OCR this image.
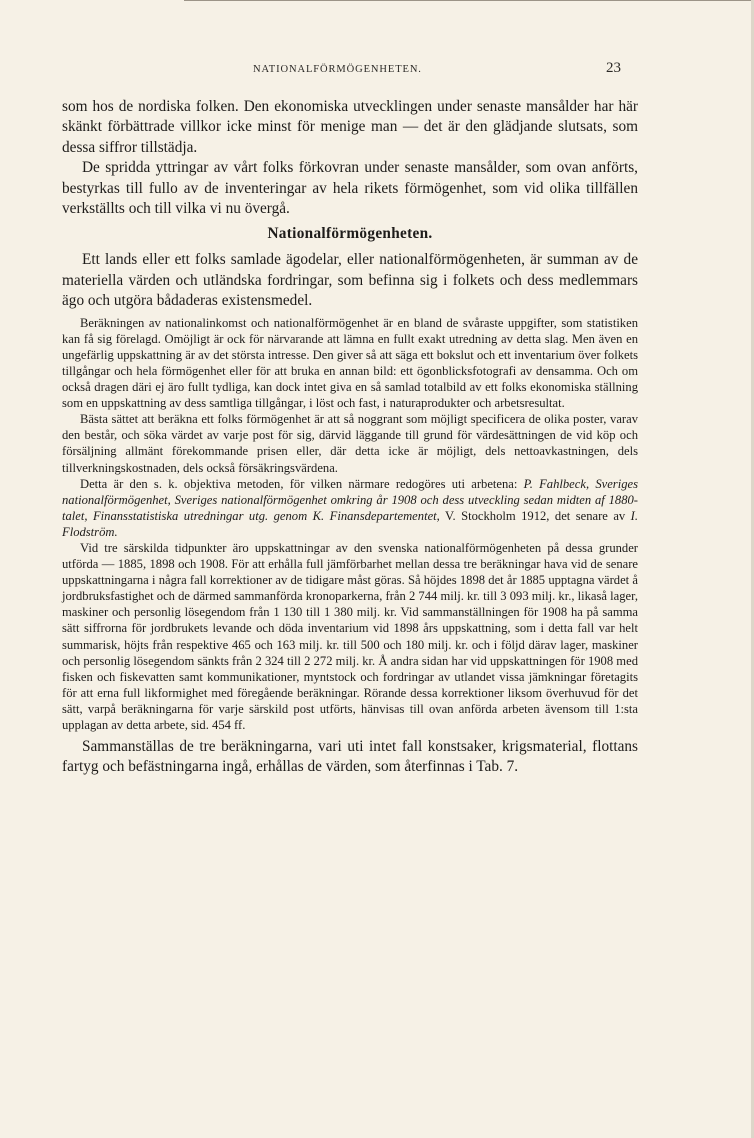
NATIONALFÖRMÖGENHETEN.	23

som hos de nordiska folken. Den ekonomiska utvecklingen under senaste mansålder har här skänkt förbättrade villkor icke minst för menige man — det är den glädjande slutsats, som dessa siffror tillstädja.

De spridda yttringar av vårt folks förkovran under senaste mansålder, som ovan anförts, bestyrkas till fullo av de inventeringar av hela rikets förmögenhet, som vid olika tillfällen verkställts och till vilka vi nu övergå.

Nationalförmögenheten.

Ett lands eller ett folks samlade ägodelar, eller nationalförmögenheten, är summan av de materiella värden och utländska fordringar, som befinna sig i folkets och dess medlemmars ägo och utgöra bådaderas existensmedel.

Beräkningen av nationalinkomst och nationalförmögenhet är en bland de svåraste uppgifter, som statistiken kan få sig förelagd. Omöjligt är ock för närvarande att lämna en fullt exakt utredning av detta slag. Men även en ungefärlig uppskattning är av det största intresse. Den giver så att säga ett bokslut och ett inventarium över folkets tillgångar och hela förmögenhet eller för att bruka en annan bild: ett ögonblicksfotografi av densamma. Och om också dragen däri ej äro fullt tydliga, kan dock intet giva en så samlad totalbild av ett folks ekonomiska ställning som en uppskattning av dess samtliga tillgångar, i löst och fast, i naturaprodukter och arbetsresultat.

Bästa sättet att beräkna ett folks förmögenhet är att så noggrant som möjligt specificera de olika poster, varav den består, och söka värdet av varje post för sig, därvid läggande till grund för värdesättningen de vid köp och försäljning allmänt förekommande prisen eller, där detta icke är möjligt, dels nettoavkastningen, dels tillverkningskostnaden, dels också försäkringsvärdena.

Detta är den s. k. objektiva metoden, för vilken närmare redogöres uti arbetena: P. Fahlbeck, Sveriges nationalförmögenhet, Sveriges nationalförmögenhet omkring år 1908 och dess utveckling sedan midten af 1880-talet, Finansstatistiska utredningar utg. genom K. Finansdepartementet, V. Stockholm 1912, det senare av I. Flodström.

Vid tre särskilda tidpunkter äro uppskattningar av den svenska nationalförmögenheten på dessa grunder utförda — 1885, 1898 och 1908. För att erhålla full jämförbarhet mellan dessa tre beräkningar hava vid de senare uppskattningarna i några fall korrektioner av de tidigare måst göras. Så höjdes 1898 det år 1885 upptagna värdet å jordbruksfastighet och de därmed sammanförda kronoparkerna, från 2 744 milj. kr. till 3 093 milj. kr., likaså lager, maskiner och personlig lösegendom från 1 130 till 1 380 milj. kr. Vid sammanställningen för 1908 ha på samma sätt siffrorna för jordbrukets levande och döda inventarium vid 1898 års uppskattning, som i detta fall var helt summarisk, höjts från respektive 465 och 163 milj. kr. till 500 och 180 milj. kr. och i följd därav lager, maskiner och personlig lösegendom sänkts från 2 324 till 2 272 milj. kr. Å andra sidan har vid uppskattningen för 1908 med fisken och fiskevatten samt kommunikationer, myntstock och fordringar av utlandet vissa jämkningar företagits för att erna full likformighet med föregående beräkningar. Rörande dessa korrektioner liksom överhuvud för det sätt, varpå beräkningarna för varje särskild post utförts, hänvisas till ovan anförda arbeten ävensom till 1:sta upplagan av detta arbete, sid. 454 ff.

Sammanställas de tre beräkningarna, vari uti intet fall konstsaker, krigsmaterial, flottans fartyg och befästningarna ingå, erhållas de värden, som återfinnas i Tab. 7.
